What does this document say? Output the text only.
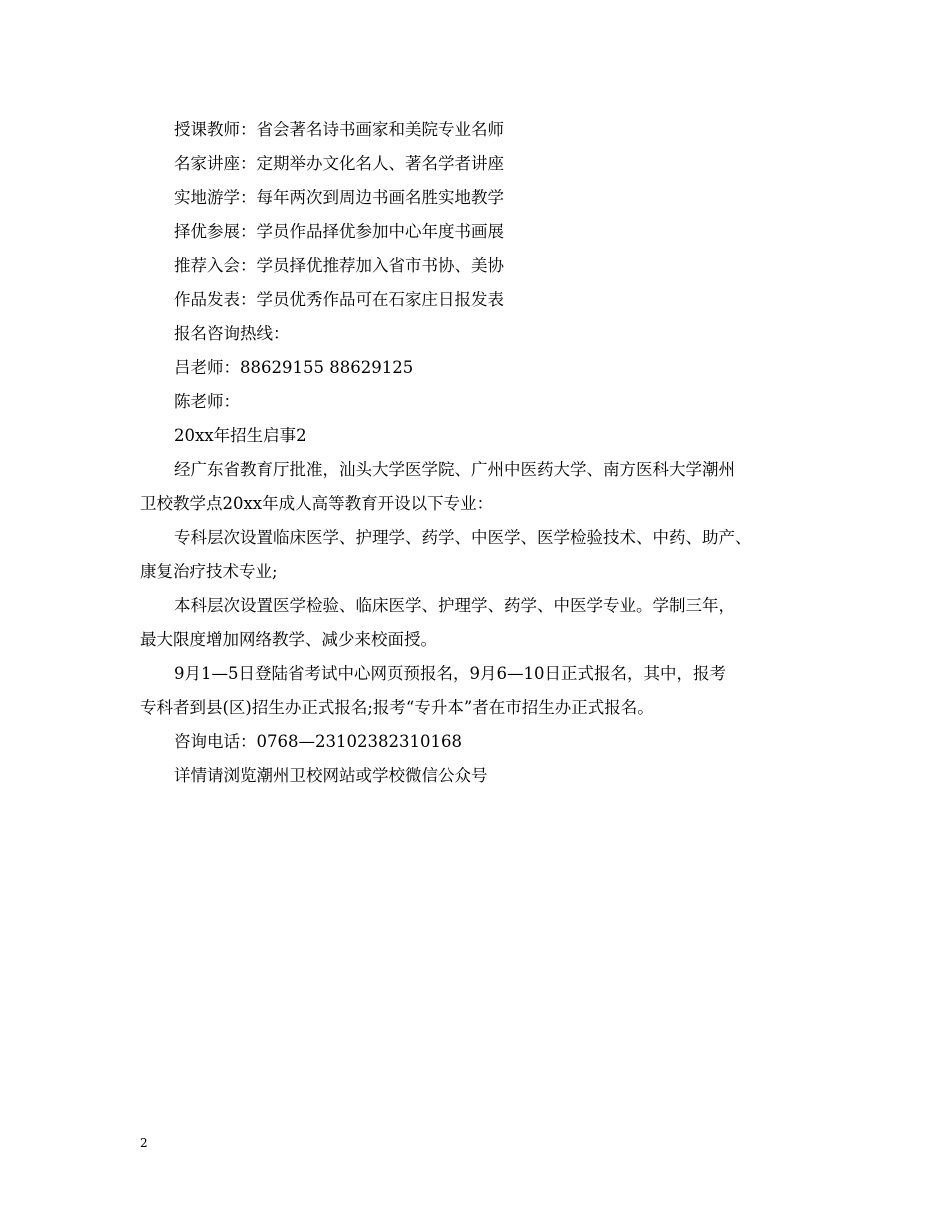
授课教师：省会著名诗书画家和美院专业名师

名家讲座：定期举办文化名人、著名学者讲座

实地游学：每年两次到周边书画名胜实地教学

择优参展：学员作品择优参加中心年度书画展

推荐入会：学员择优推荐加入省市书协、美协

作品发表：学员优秀作品可在石家庄日报发表

报名咨询热线：

吕老师：88629155 88629125

陈老师：

20xx年招生启事2

经广东省教育厅批准，汕头大学医学院、广州中医药大学、南方医科大学潮州

卫校教学点20xx年成人高等教育开设以下专业：

专科层次设置临床医学、护理学、药学、中医学、医学检验技术、中药、助产、

康复治疗技术专业;

本科层次设置医学检验、临床医学、护理学、药学、中医学专业。学制三年，

最大限度增加网络教学、减少来校面授。

9月1—5日登陆省考试中心网页预报名，9月6—10日正式报名，其中，报考

专科者到县(区)招生办正式报名;报考“专升本”者在市招生办正式报名。

咨询电话：0768—23102382310168

详情请浏览潮州卫校网站或学校微信公众号

2
